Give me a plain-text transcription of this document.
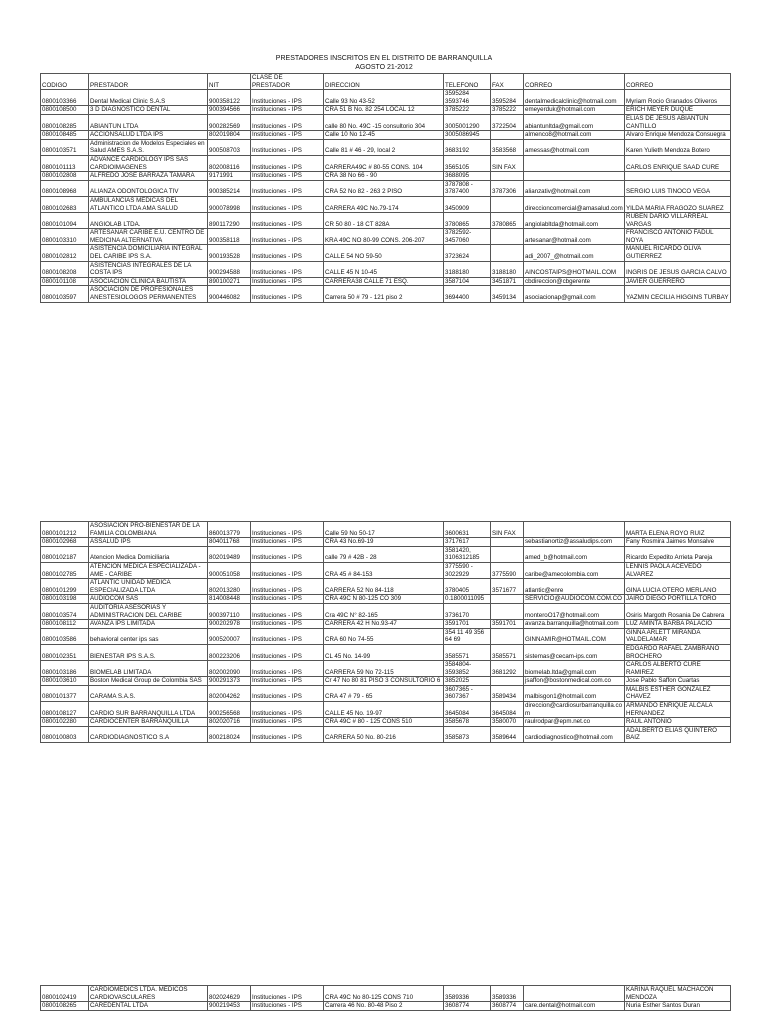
PRESTADORES INSCRITOS EN EL DISTRITO DE BARRANQUILLA
AGOSTO 21-2012
CODIGO	PRESTADOR	NIT	CLASE DE PRESTADOR	DIRECCION	TELEFONO	FAX	CORREO	CORREO
0800103366	Dental Medical Clinic S.A.S	900358122	Instituciones - IPS	Calle 93 No 43-52	3595284 3593746	3595284	dentalmedicalclinic@hotmail.com	Myriam Rocio Granados Oliveros
0800108500	3 D DIAGNOSTICO DENTAL	900394566	Instituciones - IPS	CRA 51 B No. 82 254 LOCAL 12	3785222	3785222	emeyerduk@hotmail.com	ERICH MEYER DUQUE
0800108285	ABIANTUN LTDA	900282569	Instituciones - IPS	calle 80 No. 49C -15 consultorio 304	3005001290	3722504	abiantunltda@gmail.com	ELIAS DE JESUS ABIANTUN CANTILLO
0800108485	ACCIONSALUD LTDA IPS	802019804	Instituciones - IPS	Calle 10 No 12-45	3005086945		almenco8@hotmail.com	Alvaro Enrique Mendoza Consuegra
0800103571	Administracion de Modelos Especiales en Salud AMES S.A.S.	900508703	Instituciones - IPS	Calle 81 # 46 - 29, local 2	3683192	3583568	amessas@hotmail.com	Karen Yulieth Mendoza Botero
0800101113	ADVANCE CARDIOLOGY IPS SAS CARDIOIMAGENES	802008116	Instituciones - IPS	CARRERA49C # 80-55 CONS. 104	3565105	SIN FAX		CARLOS ENRIQUE SAAD CURE
0800102808	ALFREDO JOSE BARRAZA TAMARA	9171991	Instituciones - IPS	CRA 38 No 66 - 90	3688095			
0800108968	ALIANZA ODONTOLOGICA TIV	900385214	Instituciones - IPS	CRA 52 No 82 - 263 2 PISO	3787808 - 3787400	3787306	alianzativ@hotmail.com	SERGIO LUIS TINOCO VEGA
0800102683	AMBULANCIAS MEDICAS DEL ATLANTICO LTDA AMA SALUD	900078998	Instituciones - IPS	CARRERA 49C No.79-174	3450909		direccioncomercial@amasalud.com	YILDA MARIA FRAGOZO SUAREZ
0800101094	ANGIOLAB LTDA.	890117290	Instituciones - IPS	CR 50 80 - 18 CT 828A	3780865	3780865	angiolabltda@hotmail.com	RUBEN DARIO VILLARREAL VARGAS
0800103310	ARTESANAR CARIBE E.U. CENTRO DE MEDICINA ALTERNATIVA	900358118	Instituciones - IPS	KRA 49C NO 80-99 CONS. 206-207	3782592-3457060		artesanar@hotmail.com	FRANCISCO ANTONIO FADUL NOYA
0800102812	ASISTENCIA DOMICILIARIA INTEGRAL DEL CARIBE IPS S.A.	900193528	Instituciones - IPS	CALLE 54 NO 59-50	3723624		adi_2007_@hotmail.com	MANUEL RICARDO OLIVA GUTIERREZ
0800108208	ASISTENCIAS INTEGRALES DE LA COSTA IPS	900294588	Instituciones - IPS	CALLE 45 N 10-45	3188180	3188180	AINCOSTAIPS@HOTMAIL.COM	INGRIS DE JESUS GARCIA CALVO
0800101108	ASOCIACION CLINICA BAUTISTA	890100271	Instituciones - IPS	CARRERA38 CALLE 71 ESQ.	3587104	3451871	cbdireccion@cbgerente	JAVIER GUERRERO
0800103597	ASOCIACION DE PROFESIONALES ANESTESIOLOGOS PERMANENTES	900446082	Instituciones - IPS	Carrera 50 # 79 - 121 piso 2	3694400	3459134	asociacionap@gmail.com	YAZMIN CECILIA HIGGINS TURBAY
0800101212	ASOSIACION PRO-BIENESTAR DE LA FAMILIA COLOMBIANA	860013779	Instituciones - IPS	Calle 59 No 50-17	3600631	SIN FAX		MARTA ELENA ROYO RUIZ
0800102968	ASSALUD IPS	804011768	Instituciones - IPS	CRA 43 No.69-19	3717617		sebastianortiz@assaludips.com	Fany Rosmira Jaimes Monsalve
0800102187	Atencion Medica Domiciliaria	802019489	Instituciones - IPS	calle 79 # 42B - 28	3581420, 3106312185		amed_b@hotmail.com	Ricardo Expedito Arrieta Pareja
0800102785	ATENCION MEDICA ESPECIALIZADA - AME - CARIBE	900051058	Instituciones - IPS	CRA 45 # 84-153	3775590 - 3022929	3775590	caribe@amecolombia.com	LENNIS PAOLA ACEVEDO ALVAREZ
0800101299	ATLANTIC UNIDAD MEDICA ESPECIALIZADA LTDA	802013280	Instituciones - IPS	CARRERA 52 No 84-118	3780405	3571677	atlantic@enre	GINA LUCIA OTERO MERLANO
0800103198	AUDIOCOM SAS	814008448	Instituciones - IPS	CRA 49C N 80-125 CO 309	0.1800011095		SERVICIO@AUDIOCOM.COM.CO	JAIRO DIEGO PORTILLA TORO
0800103574	AUDITORIA ASESORIAS Y ADMINISTRACION DEL CARIBE	900397110	Instituciones - IPS	Cra 49C N° 82-165	3736170		monteroO17@hotmail.com	Osiris Margoth Rosania De Cabrera
0800108112	AVANZA IPS LIMITADA	900202978	Instituciones - IPS	CARRERA 42 H No.93-47	3591701	3591701	avanza.barranquilla@hotmail.com	LUZ AMINTA BARBA PALACIO
0800103586	behavioral center ips sas	900520007	Instituciones - IPS	CRA 60 No 74-55	354 11 49 356 64 69		GINNAMIR@HOTMAIL.COM	GINNA ARLETT MIRANDA VALDELAMAR
0800102351	BIENESTAR IPS S.A.S.	800223206	Instituciones - IPS	CL 45 No. 14-99	3585571	3585571	sistemas@cecam-ips.com	EDGARDO RAFAEL ZAMBRANO BROCHERO
0800103186	BIOMELAB LIMITADA	802002090	Instituciones - IPS	CARRERA 59 No 72-115	3584804-3593852	3681292	biomelab.ltda@gmail.com	CARLOS ALBERTO CURE RAMIREZ
0800103610	Boston Medical Group de Colombia SAS	900291373	Instituciones - IPS	Cr 47 No 80 81 PISO 3 CONSULTORIO 6	3852025		jsaffon@bostonmedical.com.co	Jose Pablo Saffon Cuartas
0800101377	CARAMA S.A.S.	802004262	Instituciones - IPS	CRA 47 # 79 - 65	3607365 - 3607367	3589434	malbisgon1@hotmail.com	MALBIS ESTHER GONZALEZ CHAVEZ
0800108127	CARDIO SUR BARRANQUILLA LTDA	900256568	Instituciones - IPS	CALLE 45 No. 19-97	3645084	3645084	direccion@cardiosurbarranquilla.com	ARMANDO ENRIQUE ALCALA HERNANDEZ
0800102280	CARDIOCENTER BARRANQUILLA	802020716	Instituciones - IPS	CRA 49C # 80 - 125 CONS 510	3585678	3580070	raulrodpar@epm.net.co	RAUL ANTONIO
0800100803	CARDIODIAGNOSTICO S.A	800218024	Instituciones - IPS	CARRERA 50 No. 80-216	3585873	3589644	cardiodiagnostico@hotmail.com	ADALBERTO ELIAS QUINTERO BAIZ
0800102419	CARDIOMEDICS LTDA. MEDICOS CARDIOVASCULARES	802024629	Instituciones - IPS	CRA 49C No 80-125 CONS 710	3589336	3589336		KARINA RAQUEL MACHACON MENDOZA
0800108265	CAREDENTAL LTDA	900219453	Instituciones - IPS	Carrera 46 No. 80-48 Piso 2	3608774	3608774	care.dental@hotmail.com	Nuria Esther Santos Duran
